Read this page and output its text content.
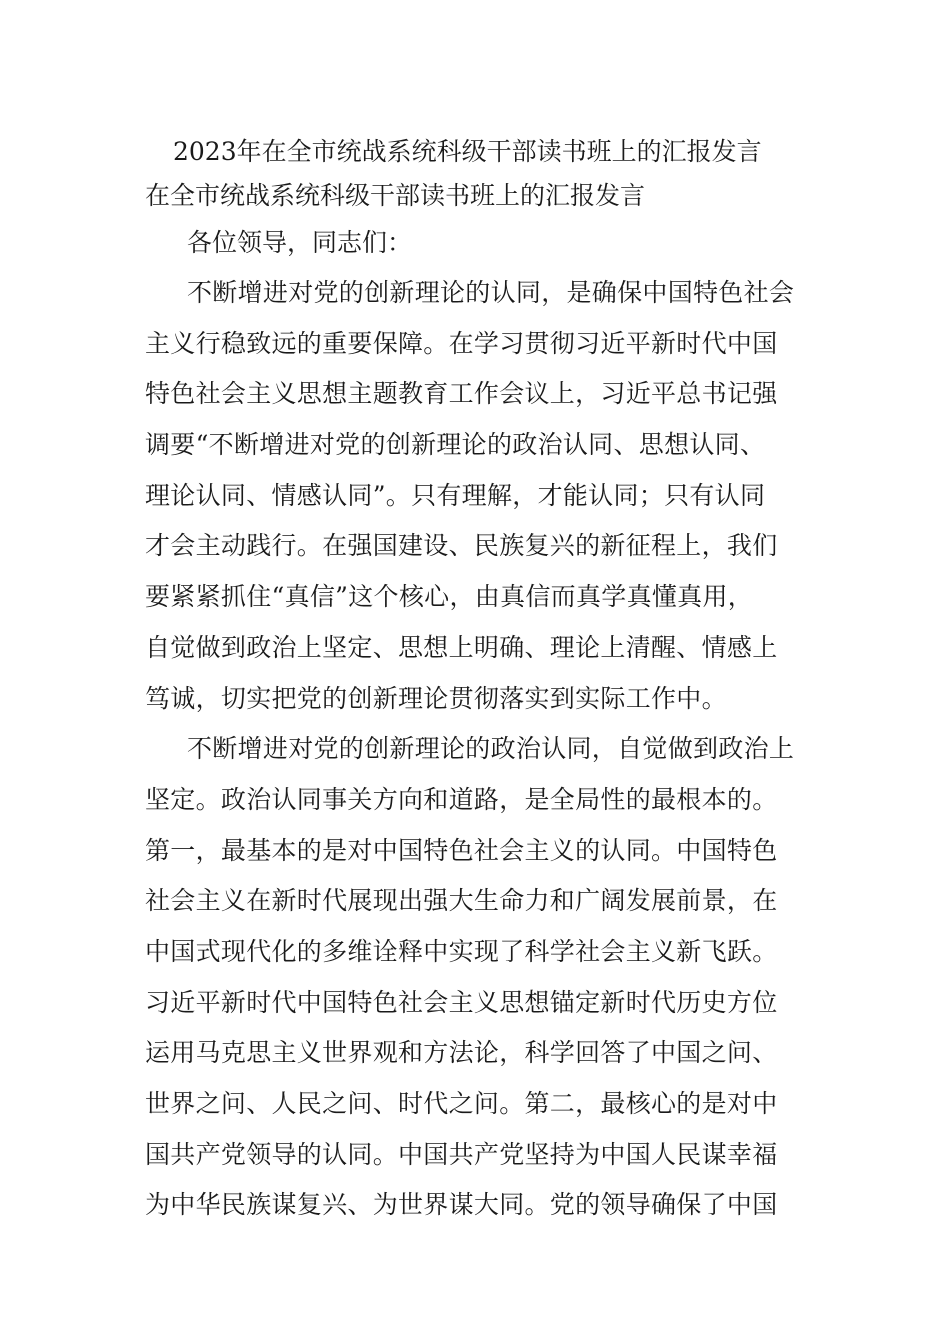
2023年在全市统战系统科级干部读书班上的汇报发言
在全市统战系统科级干部读书班上的汇报发言

各位领导，同志们：

不断增进对党的创新理论的认同，是确保中国特色社会
主义行稳致远的重要保障。在学习贯彻习近平新时代中国
特色社会主义思想主题教育工作会议上，习近平总书记强
调要“不断增进对党的创新理论的政治认同、思想认同、
理论认同、情感认同”。只有理解，才能认同；只有认同
才会主动践行。在强国建设、民族复兴的新征程上，我们
要紧紧抓住“真信”这个核心，由真信而真学真懂真用，
自觉做到政治上坚定、思想上明确、理论上清醒、情感上
笃诚，切实把党的创新理论贯彻落实到实际工作中。
不断增进对党的创新理论的政治认同，自觉做到政治上
坚定。政治认同事关方向和道路，是全局性的最根本的。
第一，最基本的是对中国特色社会主义的认同。中国特色
社会主义在新时代展现出强大生命力和广阔发展前景，在
中国式现代化的多维诠释中实现了科学社会主义新飞跃。
习近平新时代中国特色社会主义思想锚定新时代历史方位
运用马克思主义世界观和方法论，科学回答了中国之问、
世界之问、人民之问、时代之问。第二，最核心的是对中
国共产党领导的认同。中国共产党坚持为中国人民谋幸福
为中华民族谋复兴、为世界谋大同。党的领导确保了中国
